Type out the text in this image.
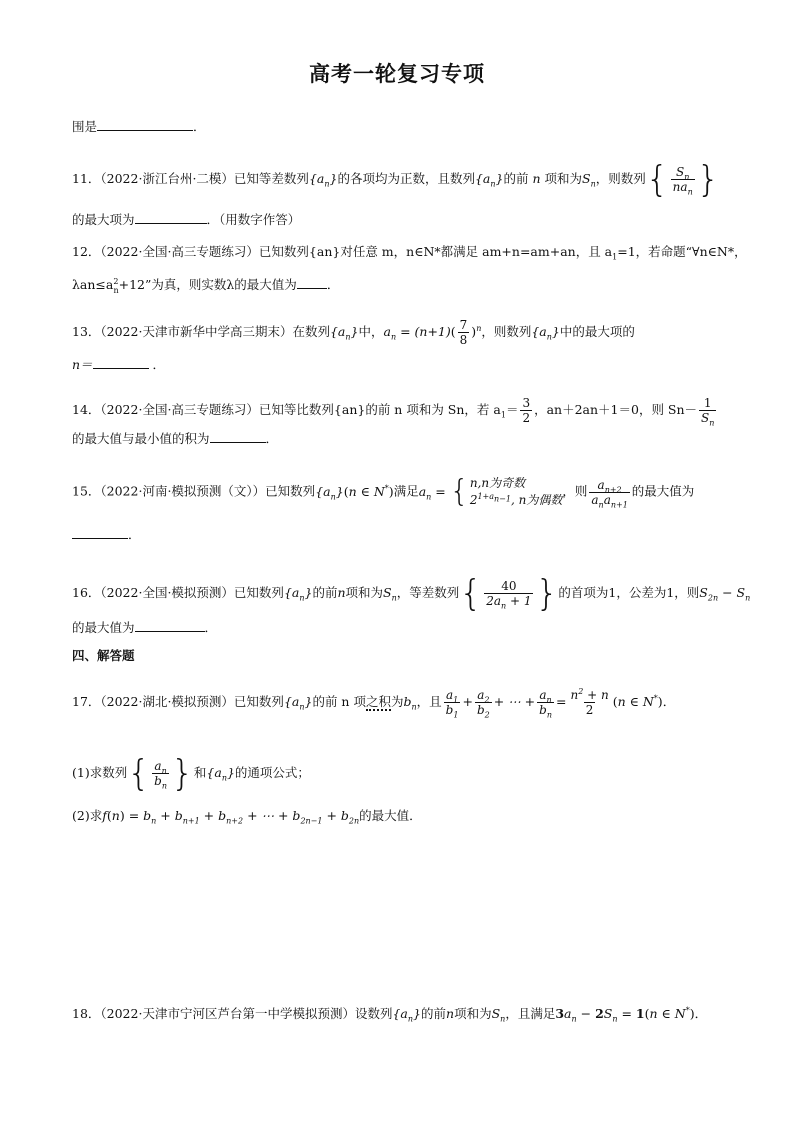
高考一轮复习专项
围是	．
11．（2022·浙江台州·二模）已知等差数列$\{a_n\}$的各项均为正数，且数列$\{a_n\}$的前 n 项和为$S_n$，则数列{ $\frac{S_n}{na_n}$ }
的最大项为	．（用数字作答）
12．（2022·全国·高三专题练习）已知数列{an}对任意 m，n∈N*都满足 am+n=am+an，且 $a_1=1$，若命题“∀n∈N*，
$\lambda an\le a^2_n+12$”为真，则实数λ的最大值为 ．
13．（2022·天津市新华中学高三期末）在数列$\{a_n\}$中，$a_n = (n+1)( \frac{7}{8} )^n$，则数列$\{a_n\}$中的最大项的
n＝	．
14．（2022·全国·高三专题练习）已知等比数列{an}的前 n 项和为 Sn，若 $a_1= \frac{3}{2}$ ，an＋2an＋1＝0，则 $Sn- \frac{1}{S_n}$
的最大值与最小值的积为	．
15．（2022·河南·模拟预测（文））已知数列$\{a_n\}(n$ ∈ N*)满足$a_n$ = { n,n为奇数
$2^{1+a_{n-1}}$, n为偶数
，则 $\frac{a_{n+2}}{a_na_{n+1}}$ 的最大值为
．
16．（2022·全国·模拟预测）已知数列$\{a_n\}$的前n项和为$S_n$，等差数列{ $\frac{40}{2a_n + 1}$ }的首项为1，公差为1，则$S_{2n} - S_n$
的最大值为	．
四、解答题
17．（2022·湖北·模拟预测）已知数列$\{a_n\}$的前 n 项之积为$b_n$，且 $\frac{a_1}{b_1} + \frac{a_2}{b_2}$ + ⋯ + $\frac{a_n}{b_n} = \frac{n^2 + n}{2} (n$ ∈ N*)．
(1)求数列{ $\frac{a_n}{b_n}$ }和$\{a_n\}$的通项公式；
(2)求$f(n) = b_n + b_{n+1} + b_{n+2}$ + ⋯ + $b_{2n-1} + b_{2n}$的最大值．
18．（2022·天津市宁河区芦台第一中学模拟预测）设数列$\{a_n\}$的前n项和为$S_n$，且满足$3a_n - 2S_n = 1(n$ ∈ N*)．
